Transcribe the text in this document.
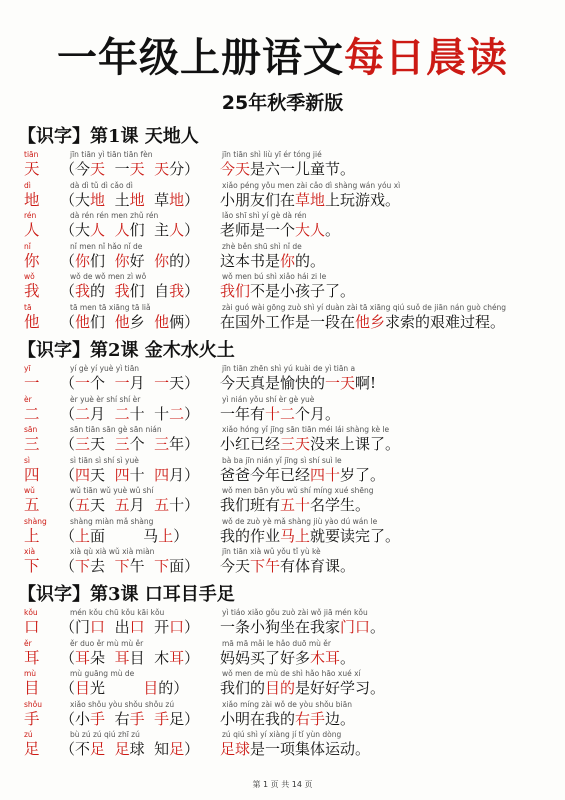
一年级上册语文每日晨读
25年秋季新版
【识字】第1课 天地人
tiān
天
jīn tiān yì tiān tiān fèn
（今天  一天 天分）
jīn tiān shì liù yī ér tóng jié
今天是六一儿童节。
dì
地
dà dì tǔ dì cǎo dì
（大地  土地  草地）
xiǎo péng yǒu men zài cǎo dì shàng wán yóu xì
小朋友们在草地上玩游戏。
rén
人
dà rén rén men zhǔ rén
（大人 人们  主人）
lǎo shī shì yí gè dà rén
老师是一个大人。
nǐ
你
nǐ men nǐ hǎo nǐ de
（你们  你好  你的）
zhè běn shū shì nǐ de
这本书是你的。
wǒ
我
wǒ de wǒ men zì wǒ
（我的  我们  自我）
wǒ men bú shì xiǎo hái zi le
我们不是小孩子了。
tā
他
tā men tā xiāng tā liǎ
（他们  他乡  他俩）
zài guó wài gōng zuò shì yí duàn zài tā xiāng qiú suǒ de jiān nán guò chéng
在国外工作是一段在他乡求索的艰难过程。
【识字】第2课 金木水火土
yī
一
yí gè yí yuè yì tiān
（一个  一月  一天）
jīn tiān zhēn shì yú kuài de yì tiān a
今天真是愉快的一天啊!
èr
二
èr yuè èr shí shí èr
（二月  二十  十二）
yì nián yǒu shí èr gè yuè
一年有十二个月。
sān
三
sān tiān sān gè sān nián
（三天  三个  三年）
xiǎo hóng yǐ jīng sān tiān méi lái shàng kè le
小红已经三天没来上课了。
sì
四
sì tiān sì shí sì yuè
（四天  四十  四月）
bà ba jīn nián yǐ jīng sì shí suì le
爸爸今年已经四十岁了。
wǔ
五
wǔ tiān wǔ yuè wǔ shí
（五天  五月  五十）
wǒ men bān yǒu wǔ shí míng xué shēng
我们班有五十名学生。
shàng
上
shàng miàn mǎ shàng
（上面        马上）
wǒ de zuò yè mǎ shàng jiù yào dú wán le
我的作业马上就要读完了。
xià
下
xià qù xià wǔ xià miàn
（下去  下午  下面）
jīn tiān xià wǔ yǒu tǐ yù kè
今天下午有体育课。
【识字】第3课 口耳目手足
kǒu
口
mén kǒu chū kǒu kāi kǒu
（门口  出口  开口）
yì tiáo xiǎo gǒu zuò zài wǒ jiā mén kǒu
一条小狗坐在我家门口。
ěr
耳
ěr duo ěr mù mù ěr
（耳朵  耳目  木耳）
mā mā mǎi le hǎo duō mù ěr
妈妈买了好多木耳。
mù
目
mù guāng mù de
（目光        目的）
wǒ men de mù de shì hǎo hāo xué xí
我们的目的是好好学习。
shǒu
手
xiǎo shǒu yòu shǒu shǒu zú
（小手  右手 手足）
xiǎo míng zài wǒ de yòu shǒu biān
小明在我的右手边。
zú
足
bù zú zú qiú zhī zú
（不足 足球  知足）
zú qiú shì yí xiàng jí tǐ yùn dòng
足球是一项集体运动。
第 1 页 共 14 页
